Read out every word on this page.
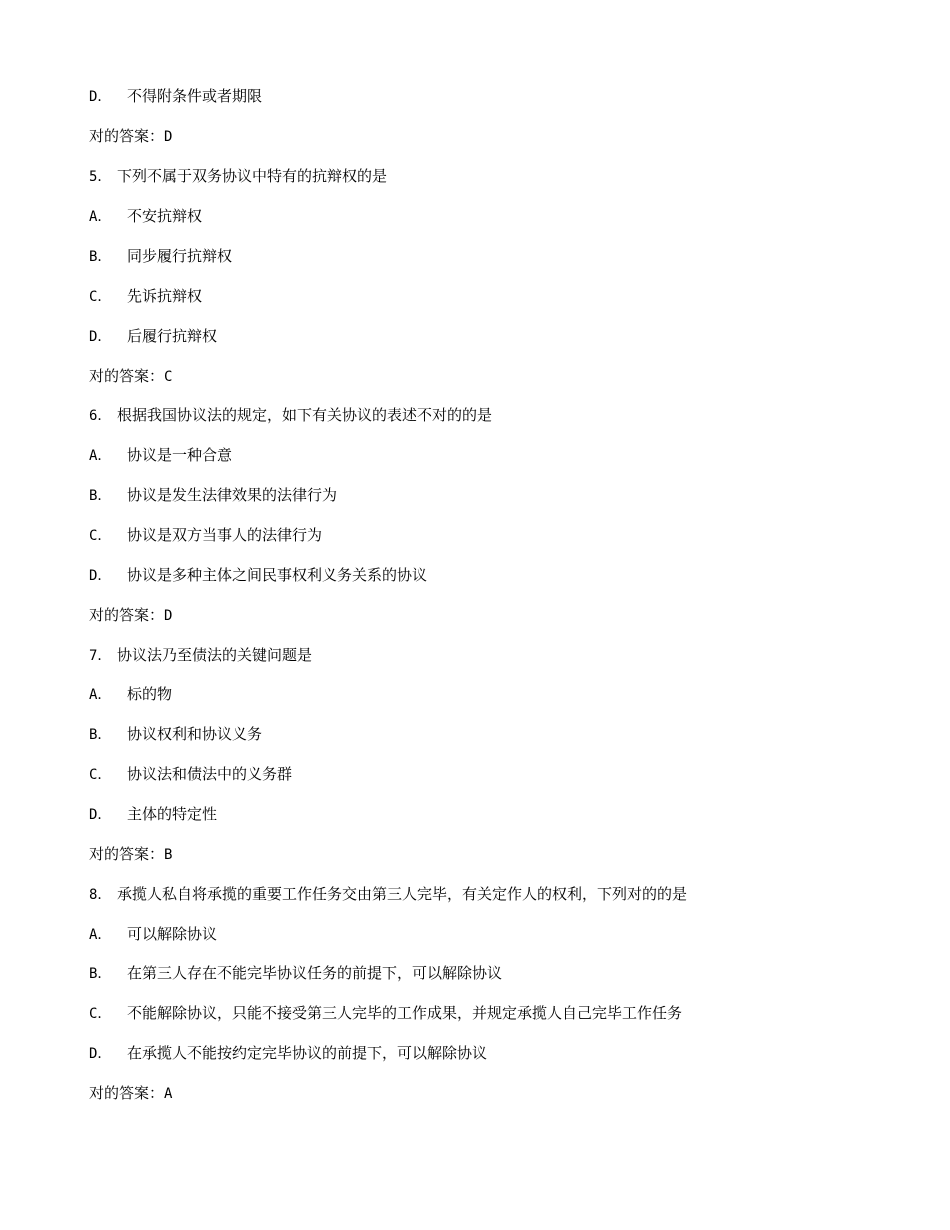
D． 不得附条件或者期限
对的答案：D
5． 下列不属于双务协议中特有的抗辩权的是
A． 不安抗辩权
B． 同步履行抗辩权
C． 先诉抗辩权
D． 后履行抗辩权
对的答案：C
6． 根据我国协议法的规定，如下有关协议的表述不对的的是
A． 协议是一种合意
B． 协议是发生法律效果的法律行为
C． 协议是双方当事人的法律行为
D． 协议是多种主体之间民事权利义务关系的协议
对的答案：D
7． 协议法乃至债法的关键问题是
A． 标的物
B． 协议权利和协议义务
C． 协议法和债法中的义务群
D． 主体的特定性
对的答案：B
8． 承揽人私自将承揽的重要工作任务交由第三人完毕，有关定作人的权利，下列对的的是
A． 可以解除协议
B． 在第三人存在不能完毕协议任务的前提下，可以解除协议
C． 不能解除协议，只能不接受第三人完毕的工作成果，并规定承揽人自己完毕工作任务
D． 在承揽人不能按约定完毕协议的前提下，可以解除协议
对的答案：A
